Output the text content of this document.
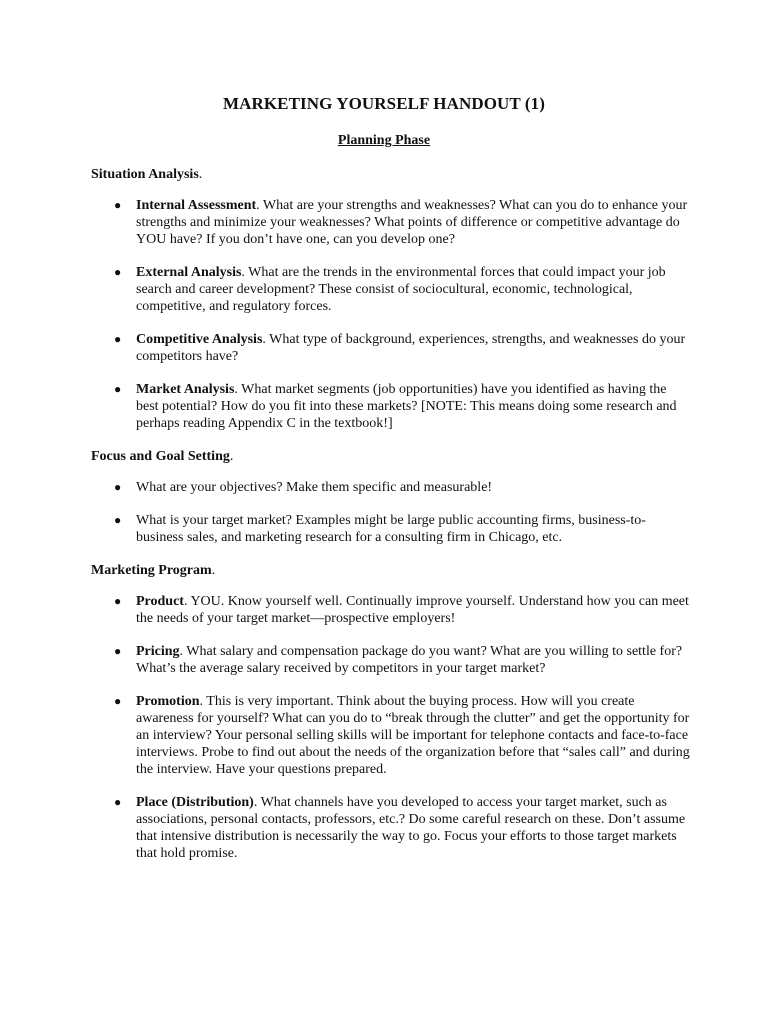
MARKETING YOURSELF HANDOUT (1)
Planning Phase
Situation Analysis.
● Internal Assessment. What are your strengths and weaknesses? What can you do to enhance your strengths and minimize your weaknesses? What points of difference or competitive advantage do YOU have? If you don’t have one, can you develop one?
● External Analysis. What are the trends in the environmental forces that could impact your job search and career development? These consist of sociocultural, economic, technological, competitive, and regulatory forces.
● Competitive Analysis. What type of background, experiences, strengths, and weaknesses do your competitors have?
● Market Analysis. What market segments (job opportunities) have you identified as having the best potential? How do you fit into these markets? [NOTE: This means doing some research and perhaps reading Appendix C in the textbook!]
Focus and Goal Setting.
● What are your objectives? Make them specific and measurable!
● What is your target market? Examples might be large public accounting firms, business-to-business sales, and marketing research for a consulting firm in Chicago, etc.
Marketing Program.
● Product. YOU. Know yourself well. Continually improve yourself. Understand how you can meet the needs of your target market—prospective employers!
● Pricing. What salary and compensation package do you want? What are you willing to settle for? What’s the average salary received by competitors in your target market?
● Promotion. This is very important. Think about the buying process. How will you create awareness for yourself? What can you do to “break through the clutter” and get the opportunity for an interview? Your personal selling skills will be important for telephone contacts and face-to-face interviews. Probe to find out about the needs of the organization before that “sales call” and during the interview. Have your questions prepared.
● Place (Distribution). What channels have you developed to access your target market, such as associations, personal contacts, professors, etc.? Do some careful research on these. Don’t assume that intensive distribution is necessarily the way to go. Focus your efforts to those target markets that hold promise.
